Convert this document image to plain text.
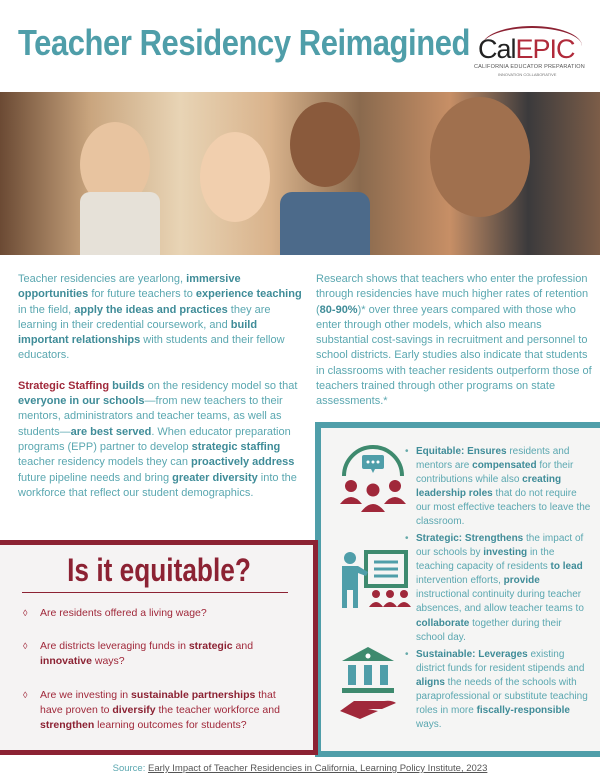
Teacher Residency Reimagined CalEPIC
CALIFORNIA EDUCATOR PREPARATION
INNOVATION COLLABORATIVE

Teacher residencies are yearlong, immersive opportunities for future teachers to experience teaching in the field, apply the ideas and practices they are learning in their credential coursework, and build important relationships with students and their fellow educators.

Strategic Staffing builds on the residency model so that everyone in our schools—from new teachers to their mentors, administrators and teacher teams, as well as students—are best served. When educator preparation programs (EPP) partner to develop strategic staffing teacher residency models they can proactively address future pipeline needs and bring greater diversity into the workforce that reflect our student demographics.

Research shows that teachers who enter the profession through residencies have much higher rates of retention (80-90%)* over three years compared with those who enter through other models, which also means substantial cost-savings in recruitment and personnel to school districts. Early studies also indicate that students in classrooms with teacher residents outperform those of teachers trained through other programs on state assessments.*
• Equitable: Ensures residents and mentors are compensated for their contributions while also creating leadership roles that do not require our most effective teachers to leave the classroom.
• Strategic: Strengthens the impact of our schools by investing in the teaching capacity of residents to lead intervention efforts, provide instructional continuity during teacher absences, and allow teacher teams to collaborate together during their school day.
• Sustainable: Leverages existing district funds for resident stipends and aligns the needs of the schools with paraprofessional or substitute teaching roles in more fiscally-responsible ways.
Is it equitable?
◊ Are residents offered a living wage?
◊ Are districts leveraging funds in strategic and innovative ways?
◊ Are we investing in sustainable partnerships that have proven to diversify the teacher workforce and strengthen learning outcomes for students?
Source: Early Impact of Teacher Residencies in California, Learning Policy Institute, 2023
